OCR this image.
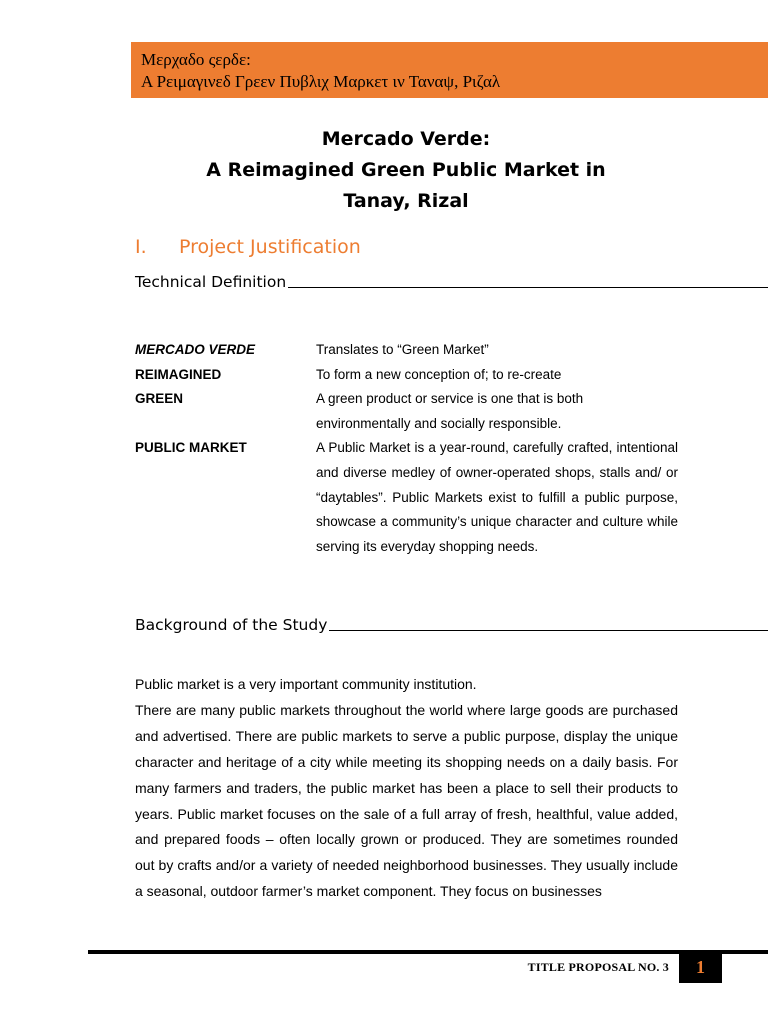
Μερχαδο ςερδε:
Α Ρειμαγινεδ Γρεεν Πυβλιχ Μαρκετ ιν Ταναψ, Ριζαλ
Mercado Verde:
A Reimagined Green Public Market in
Tanay, Rizal
I. Project Justification
Technical Definition
MERCADO VERDE	Translates to “Green Market”
REIMAGINED	To form a new conception of; to re-create
GREEN	A green product or service is one that is both environmentally and socially responsible.
PUBLIC MARKET	A Public Market is a year-round, carefully crafted, intentional and diverse medley of owner-operated shops, stalls and/ or “daytables”. Public Markets exist to fulfill a public purpose, showcase a community’s unique character and culture while serving its everyday shopping needs.
Background of the Study

Public market is a very important community institution.

There are many public markets throughout the world where large goods are purchased and advertised. There are public markets to serve a public purpose, display the unique character and heritage of a city while meeting its shopping needs on a daily basis. For many farmers and traders, the public market has been a place to sell their products to years. Public market focuses on the sale of a full array of fresh, healthful, value added, and prepared foods – often locally grown or produced. They are sometimes rounded out by crafts and/or a variety of needed neighborhood businesses. They usually include a seasonal, outdoor farmer’s market component. They focus on businesses

TITLE PROPOSAL NO. 3	1
